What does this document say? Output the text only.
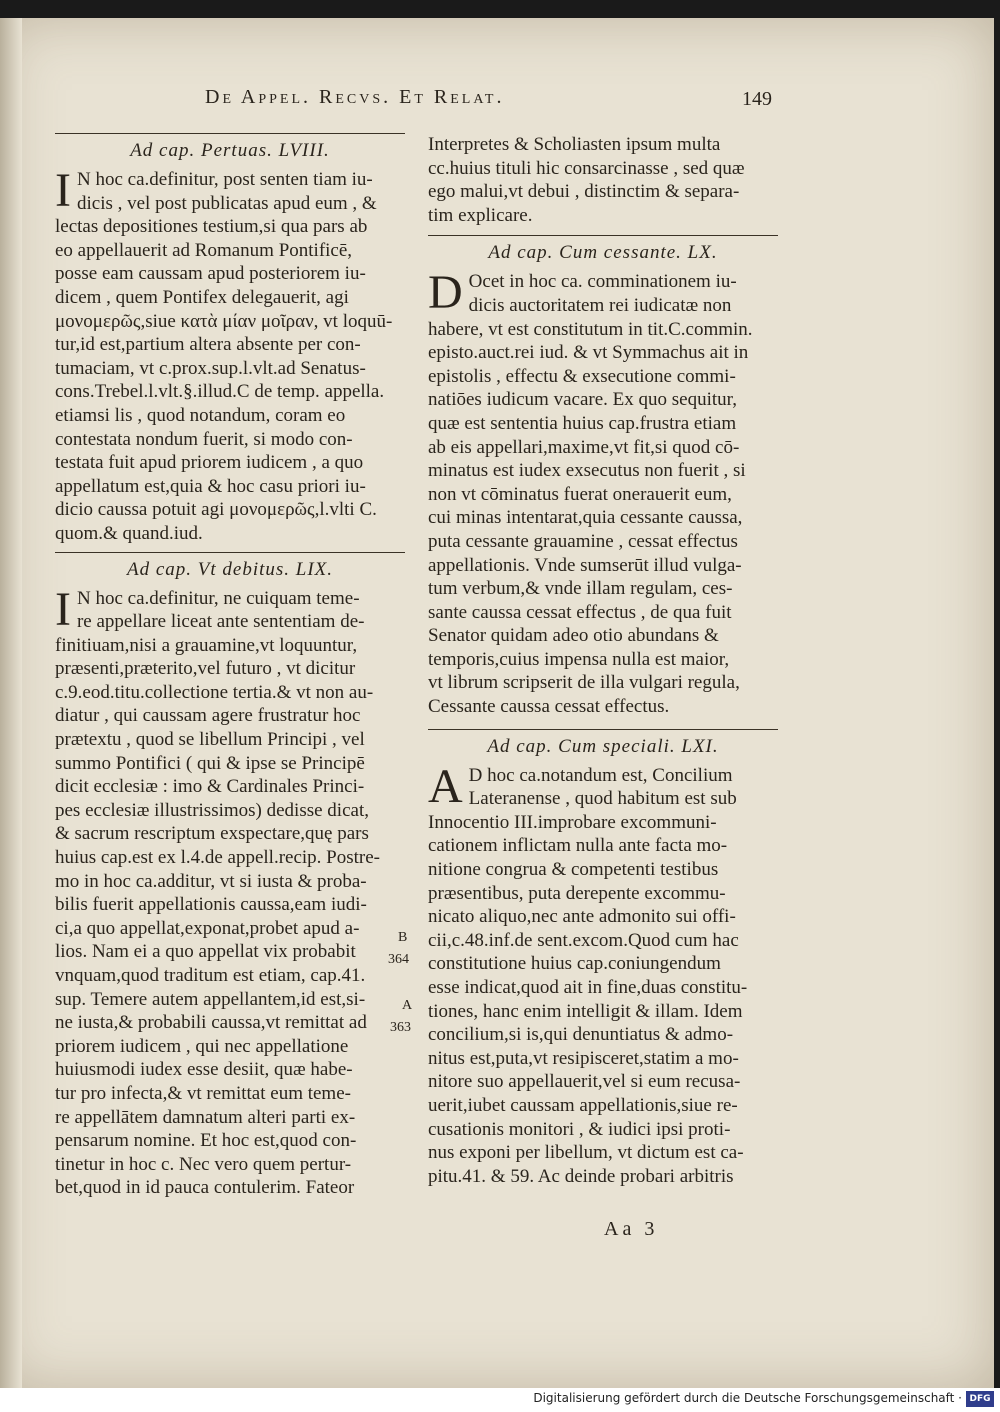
De Appel. Recvs. Et Relat.	149
Ad cap. Pertuas. LVIII.
I N hoc ca.definitur, post senten tiam iu-
dicis , vel post publicatas apud eum , &
lectas depositiones testium,si qua pars ab
eo appellauerit ad Romanum Pontificē,
posse eam caussam apud posteriorem iu-
dicem , quem Pontifex delegauerit, agi
μονομερῶς,siue κατὰ μίαν μοῖραν, vt loquū-
tur,id est,partium altera absente per con-
tumaciam, vt c.prox.sup.l.vlt.ad Senatus-
cons.Trebel.l.vlt.§.illud.C de temp. appella.
etiamsi lis , quod notandum, coram eo
contestata nondum fuerit, si modo con-
testata fuit apud priorem iudicem , a quo
appellatum est,quia & hoc casu priori iu-
dicio caussa potuit agi μονομερῶς,l.vlti C.
quom.& quand.iud.
Ad cap. Vt debitus. LIX.
I N hoc ca.definitur, ne cuiquam teme-
re appellare liceat ante sententiam de-
finitiuam,nisi a grauamine,vt loquuntur,
præsenti,præterito,vel futuro , vt dicitur
c.9.eod.titu.collectione tertia.& vt non au-
diatur , qui caussam agere frustratur hoc
prætextu , quod se libellum Principi , vel
summo Pontifici ( qui & ipse se Principē
dicit ecclesiæ : imo & Cardinales Princi-
pes ecclesiæ illustrissimos) dedisse dicat,
& sacrum rescriptum exspectare,quę pars
huius cap.est ex l.4.de appell.recip. Postre-
mo in hoc ca.additur, vt si iusta & proba-
bilis fuerit appellationis caussa,eam iudi-
ci,a quo appellat,exponat,probet apud a-
lios. Nam ei a quo appellat vix probabit
vnquam,quod traditum est etiam, cap.41.
sup. Temere autem appellantem,id est,si-
ne iusta,& probabili caussa,vt remittat ad
priorem iudicem , qui nec appellatione
huiusmodi iudex esse desiit, quæ habe-
tur pro infecta,& vt remittat eum teme-
re appellātem damnatum alteri parti ex-
pensarum nomine. Et hoc est,quod con-
tinetur in hoc c. Nec vero quem pertur-
bet,quod in id pauca contulerim. Fateor
Interpretes & Scholiasten ipsum multa
cc.huius tituli hic consarcinasse , sed quæ
ego malui,vt debui , distinctim & separa-
tim explicare.
Ad cap. Cum cessante. LX.
D Ocet in hoc ca. comminationem iu-
dicis auctoritatem rei iudicatæ non
habere, vt est constitutum in tit.C.commin.
episto.auct.rei iud. & vt Symmachus ait in
epistolis , effectu & exsecutione commi-
natiōes iudicum vacare. Ex quo sequitur,
quæ est sententia huius cap.frustra etiam
ab eis appellari,maxime,vt fit,si quod cō-
minatus est iudex exsecutus non fuerit , si
non vt cōminatus fuerat onerauerit eum,
cui minas intentarat,quia cessante caussa,
puta cessante grauamine , cessat effectus
appellationis. Vnde sumserūt illud vulga-
tum verbum,& vnde illam regulam, ces-
sante caussa cessat effectus , de qua fuit
Senator quidam adeo otio abundans &
temporis,cuius impensa nulla est maior,
vt librum scripserit de illa vulgari regula,
Cessante caussa cessat effectus.
Ad cap. Cum speciali. LXI.
A D hoc ca.notandum est, Concilium
Lateranense , quod habitum est sub
Innocentio III.improbare excommuni-
cationem inflictam nulla ante facta mo-
nitione congrua & competenti testibus
præsentibus, puta derepente excommu-
nicato aliquo,nec ante admonito sui offi-
cii,c.48.inf.de sent.excom.Quod cum hac
constitutione huius cap.coniungendum
esse indicat,quod ait in fine,duas constitu-
tiones, hanc enim intelligit & illam. Idem
concilium,si is,qui denuntiatus & admo-
nitus est,puta,vt resipisceret,statim a mo-
nitore suo appellauerit,vel si eum recusa-
uerit,iubet caussam appellationis,siue re-
cusationis monitori , & iudici ipsi proti-
nus exponi per libellum, vt dictum est ca-
pitu.41. & 59. Ac deinde probari arbitris
B
364
A
363
Aa 3
Digitalisierung gefördert durch die Deutsche Forschungsgemeinschaft · DFG
